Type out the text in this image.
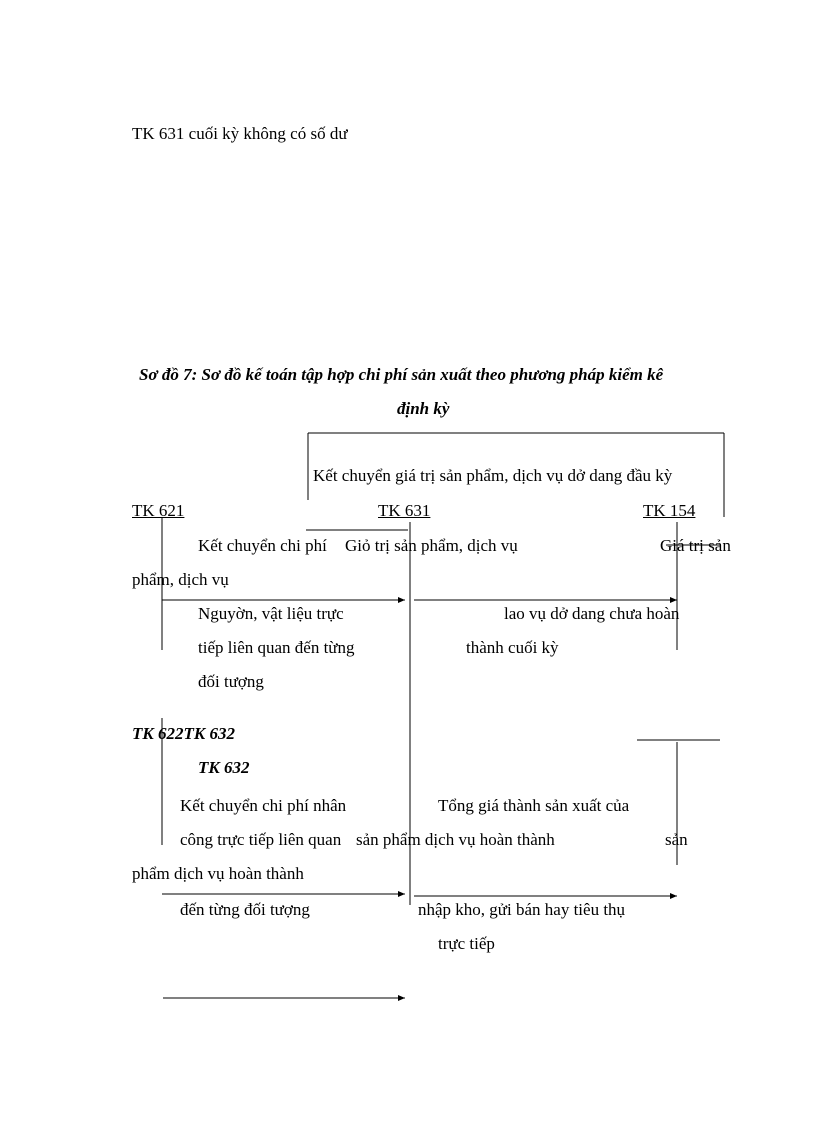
TK 631 cuối kỳ không có số dư
Sơ đồ 7: Sơ đồ kế toán tập hợp chi phí sản xuất theo phương pháp kiểm kê
định kỳ
Kết chuyển giá trị sản phẩm, dịch vụ dở dang đầu kỳ
TK 621	TK 631	TK 154
Kết chuyển chi phí Giỏ trị sản phẩm, dịch vụ	Giá trị sản
phẩm, dịch vụ
Nguyờn, vật liệu trực	lao vụ dở dang chưa hoàn
tiếp liên quan đến từng	thành cuối kỳ
đối tượng
TK 622TK 632
TK 632
Kết chuyển chi phí nhân	Tổng giá thành sản xuất của
công trực tiếp liên quan sản phẩm dịch vụ hoàn thành	sản
phẩm dịch vụ hoàn thành
đến từng đối tượng	nhập kho, gửi bán hay tiêu thụ
trực tiếp
